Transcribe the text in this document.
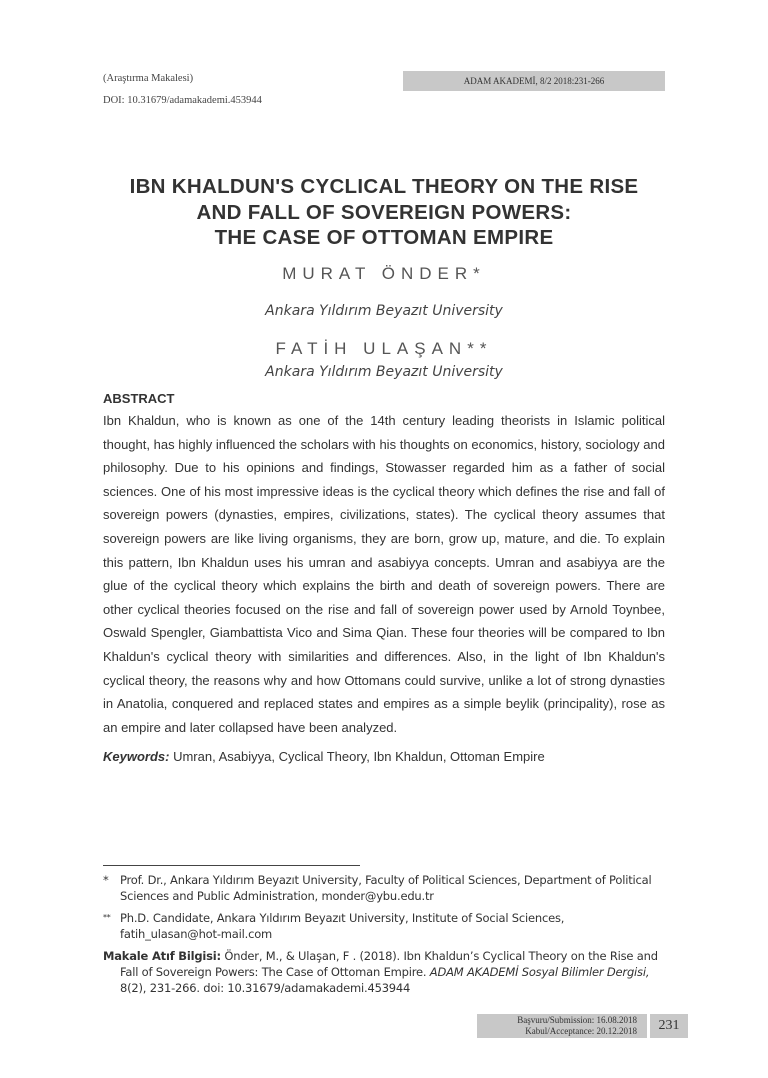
(Araştırma Makalesi)
DOI: 10.31679/adamakademi.453944
ADAM AKADEMİ, 8/2 2018:231-266
IBN KHALDUN'S CYCLICAL THEORY ON THE RISE
AND FALL OF SOVEREIGN POWERS:
THE CASE OF OTTOMAN EMPIRE
MURAT ÖNDER*
Ankara Yıldırım Beyazıt University
FATİH ULAŞAN**
Ankara Yıldırım Beyazıt University
ABSTRACT

Ibn Khaldun, who is known as one of the 14th century leading theorists in Islamic political thought, has highly influenced the scholars with his thoughts on economics, history, sociology and philosophy. Due to his opinions and findings, Stowasser regarded him as a father of social sciences. One of his most impressive ideas is the cyclical theory which defines the rise and fall of sovereign powers (dynasties, empires, civilizations, states). The cyclical theory assumes that sovereign powers are like living organisms, they are born, grow up, mature, and die. To explain this pattern, Ibn Khaldun uses his umran and asabiyya concepts. Umran and asabiyya are the glue of the cyclical theory which explains the birth and death of sovereign powers. There are other cyclical theories focused on the rise and fall of sovereign power used by Arnold Toynbee, Oswald Spengler, Giambattista Vico and Sima Qian. These four theories will be compared to Ibn Khaldun's cyclical theory with similarities and differences. Also, in the light of Ibn Khaldun's cyclical theory, the reasons why and how Ottomans could survive, unlike a lot of strong dynasties in Anatolia, conquered and replaced states and empires as a simple beylik (principality), rose as an empire and later collapsed have been analyzed.

Keywords: Umran, Asabiyya, Cyclical Theory, Ibn Khaldun, Ottoman Empire
* Prof. Dr., Ankara Yıldırım Beyazıt University, Faculty of Political Sciences, Department of Political Sciences and Public Administration, monder@ybu.edu.tr
** Ph.D. Candidate, Ankara Yıldırım Beyazıt University, Institute of Social Sciences, fatih_ulasan@hot-mail.com
Makale Atıf Bilgisi: Önder, M., & Ulaşan, F . (2018). Ibn Khaldun’s Cyclical Theory on the Rise and Fall of Sovereign Powers: The Case of Ottoman Empire. ADAM AKADEMİ Sosyal Bilimler Dergisi, 8(2), 231-266. doi: 10.31679/adamakademi.453944
Başvuru/Submission: 16.08.2018
Kabul/Acceptance: 20.12.2018	231
